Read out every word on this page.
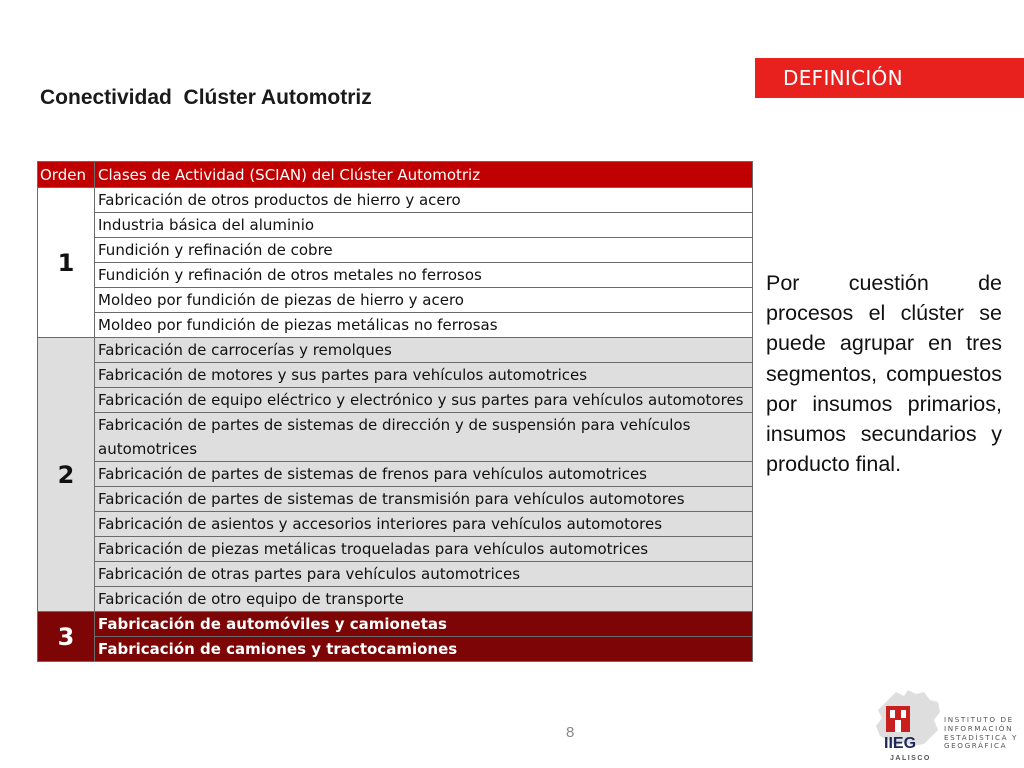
DEFINICIÓN
Conectividad  Clúster Automotriz
Orden	Clases de Actividad (SCIAN) del Clúster Automotriz
1	Fabricación de otros productos de hierro y acero
	Industria básica del aluminio
	Fundición y refinación de cobre
	Fundición y refinación de otros metales no ferrosos
	Moldeo por fundición de piezas de hierro y acero
	Moldeo por fundición de piezas metálicas no ferrosas
2	Fabricación de carrocerías y remolques
	Fabricación de motores y sus partes para vehículos automotrices
	Fabricación de equipo eléctrico y electrónico y sus partes para vehículos automotores
	Fabricación de partes de sistemas de dirección y de suspensión para vehículos automotrices
	Fabricación de partes de sistemas de frenos para vehículos automotrices
	Fabricación de partes de sistemas de transmisión para vehículos automotores
	Fabricación de asientos y accesorios interiores para vehículos automotores
	Fabricación de piezas metálicas troqueladas para vehículos automotrices
	Fabricación de otras partes para vehículos automotrices
	Fabricación de otro equipo de transporte
3	Fabricación de automóviles y camionetas
	Fabricación de camiones y tractocamiones
Por cuestión de procesos el clúster se puede agrupar en tres segmentos, compuestos por insumos primarios, insumos secundarios y producto final.
8
IIEG
JALISCO
INSTITUTO DE
INFORMACIÓN
ESTADÍSTICA Y
GEOGRÁFICA
